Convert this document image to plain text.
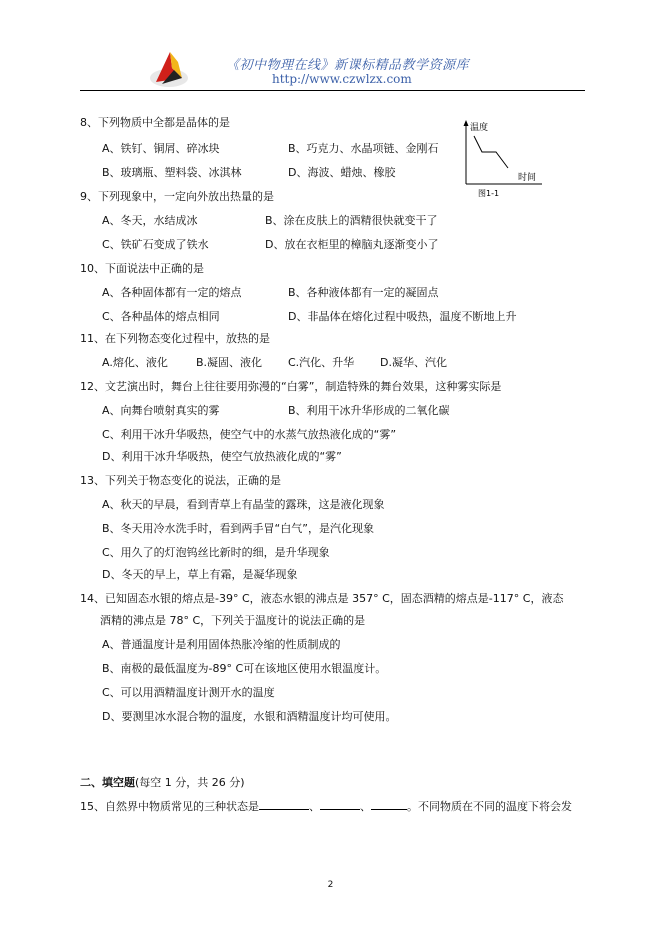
《初中物理在线》新课标精品教学资源库
http://www.czwlzx.com
温度
时间
图1-1
8、下列物质中全都是晶体的是
A、铁钉、铜屑、碎冰块	B、巧克力、水晶项链、金刚石
B、玻璃瓶、塑料袋、冰淇林	D、海波、蜡烛、橡胶
9、下列现象中，一定向外放出热量的是
A、冬天，水结成冰	B、涂在皮肤上的酒精很快就变干了
C、铁矿石变成了铁水	D、放在衣柜里的樟脑丸逐渐变小了
10、下面说法中正确的是
A、各种固体都有一定的熔点	B、各种液体都有一定的凝固点
C、各种晶体的熔点相同	D、非晶体在熔化过程中吸热，温度不断地上升
11、在下列物态变化过程中，放热的是
A.熔化、液化	B.凝固、液化 C.汽化、升华 D.凝华、汽化
12、文艺演出时，舞台上往往要用弥漫的“白雾”，制造特殊的舞台效果，这种雾实际是
A、向舞台喷射真实的雾	B、利用干冰升华形成的二氧化碳
C、利用干冰升华吸热，使空气中的水蒸气放热液化成的“雾”
D、利用干冰升华吸热，使空气放热液化成的“雾”
13、下列关于物态变化的说法，正确的是
A、秋天的早晨，看到青草上有晶莹的露珠，这是液化现象
B、冬天用冷水洗手时，看到两手冒“白气”，是汽化现象
C、用久了的灯泡钨丝比新时的细，是升华现象
D、冬天的早上，草上有霜，是凝华现象
14、已知固态水银的熔点是-39° C，液态水银的沸点是 357° C，固态酒精的熔点是-117° C，液态
酒精的沸点是 78° C，下列关于温度计的说法正确的是
A、普通温度计是利用固体热胀冷缩的性质制成的
B、南极的最低温度为-89° C可在该地区使用水银温度计。
C、可以用酒精温度计测开水的温度
D、要测里冰水混合物的温度，水银和酒精温度计均可使用。
二、填空题(每空 1 分，共 26 分)
15、自然界中物质常见的三种状态是	、	、	。不同物质在不同的温度下将会发
2
